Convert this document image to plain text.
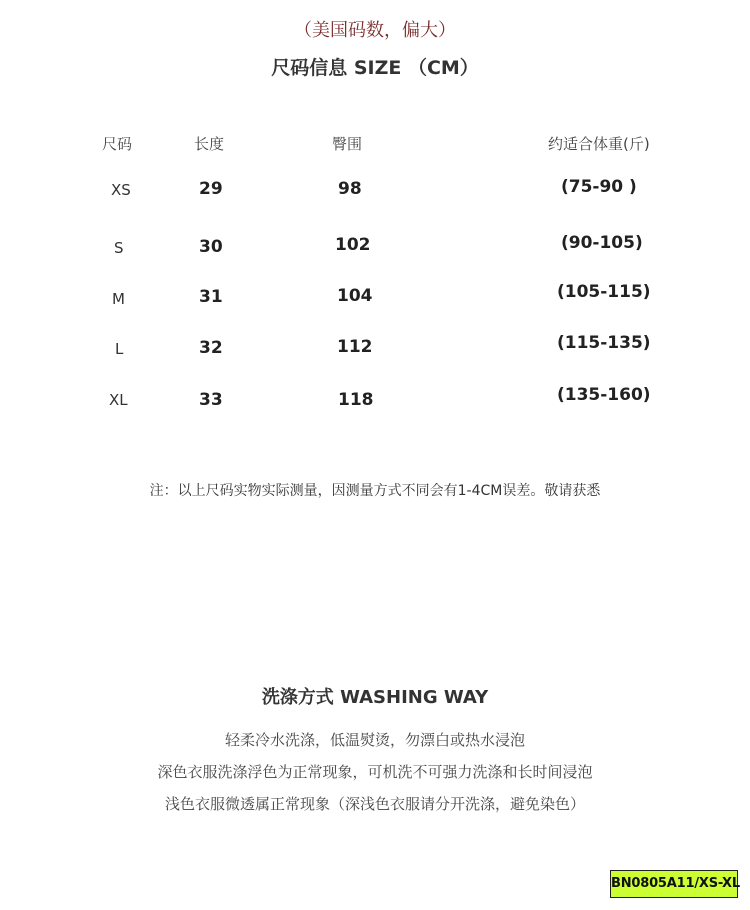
（美国码数，偏大）
尺码信息 SIZE （CM）
尺码	长度	臀围	约适合体重(斤)
XS	29	98	(75-90 )
S	30	102	(90-105)
M	31	104	(105-115)
L	32	112	(115-135)
XL	33	118	(135-160)
注：以上尺码实物实际测量，因测量方式不同会有1-4CM误差。敬请获悉
洗涤方式 WASHING WAY
轻柔冷水洗涤，低温熨烫，勿漂白或热水浸泡
深色衣服洗涤浮色为正常现象，可机洗不可强力洗涤和长时间浸泡
浅色衣服微透属正常现象（深浅色衣服请分开洗涤，避免染色）
BN0805A11/XS-XL
